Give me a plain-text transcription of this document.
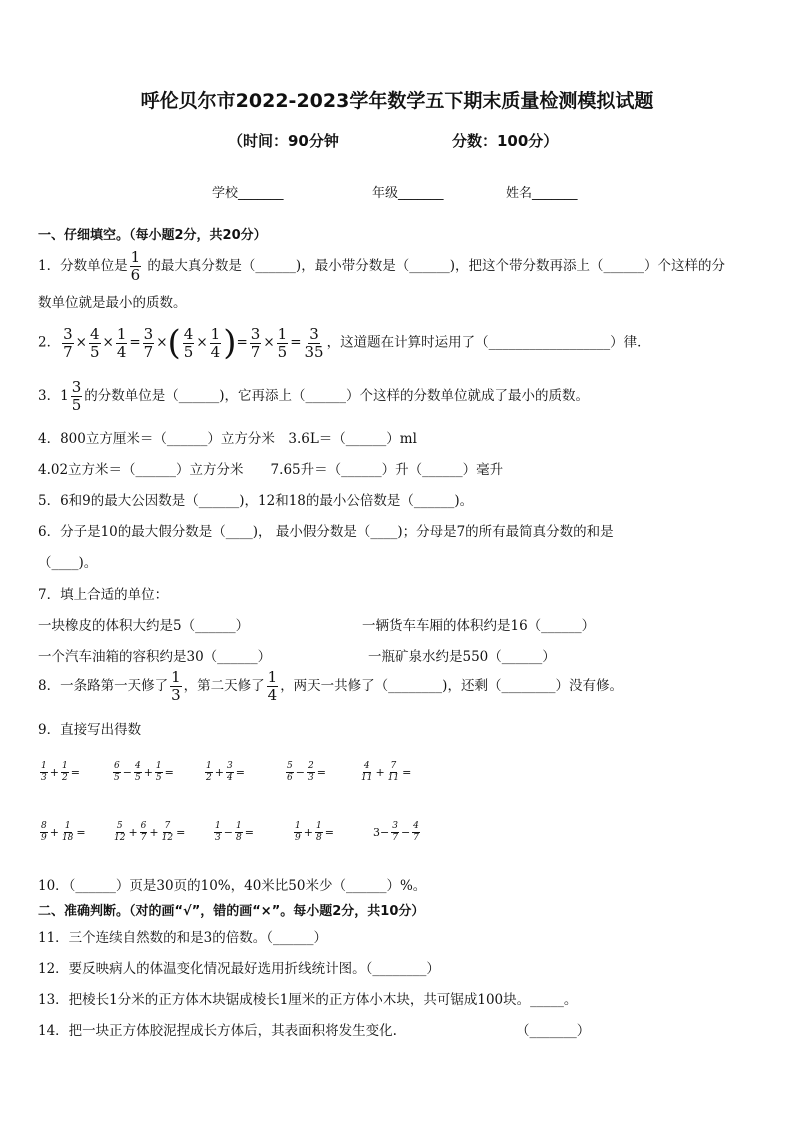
呼伦贝尔市2022-2023学年数学五下期末质量检测模拟试题
（时间：90分钟	分数：100分）
学校_______	年级_______	姓名_______
一、仔细填空。（每小题2分，共20分）
1．分数单位是 $\frac{1}{6}$ 的最大真分数是（______)，最小带分数是（______)，把这个带分数再添上（______）个这样的分
数单位就是最小的质数。
2． $\frac{3}{7} \times \frac{4}{5} \times \frac{1}{4} = \frac{3}{7}$ ×( $\frac{4}{5} \times \frac{1}{4}$ )= $\frac{3}{7} \times \frac{1}{5} = \frac{3}{35}$ ，这道题在计算时运用了（__________________）律．
3．$1 \frac{3}{5}$ 的分数单位是（______)，它再添上（______）个这样的分数单位就成了最小的质数。
4．800立方厘米＝（______）立方分米　3.6L＝（______）ml
4.02立方米＝（______）立方分米　　7.65升＝（______）升（______）毫升
5．6和9的最大公因数是（______)，12和18的最小公倍数是（______)。
6．分子是10的最大假分数是（____)， 最小假分数是（____)；分母是7的所有最简真分数的和是
（____)。
7．填上合适的单位：
一块橡皮的体积大约是5（______）	一辆货车车厢的体积约是16（______）
一个汽车油箱的容积约是30（______）	一瓶矿泉水约是550（______）
8．一条路第一天修了 $\frac{1}{3}$ ，第二天修了 $\frac{1}{4}$ ，两天一共修了（________)，还剩（________）没有修。
9．直接写出得数
$\frac{1}{3} + \frac{1}{2}$ =	$\frac{6}{5} - \frac{4}{5} + \frac{1}{5}$ =	$\frac{1}{2} + \frac{3}{4}$ =	$\frac{5}{6} - \frac{2}{3}$ =	$\frac{4}{11} + \frac{7}{11}$ =
$\frac{8}{9} + \frac{1}{18}$ =	$\frac{5}{12} + \frac{6}{7} + \frac{7}{12}$ =	$\frac{1}{3} - \frac{1}{8}$ =	$\frac{1}{9} + \frac{1}{8}$ =	$3- \frac{3}{7} - \frac{4}{7}$
10．（______）页是30页的10%，40米比50米少（______）%。
二、准确判断。（对的画“√”，错的画“×”。每小题2分，共10分）
11．三个连续自然数的和是3的倍数。（______）
12．要反映病人的体温变化情况最好选用折线统计图。（________）
13．把棱长1分米的正方体木块锯成棱长1厘米的正方体小木块，共可锯成100块。_____。
14．把一块正方体胶泥捏成长方体后，其表面积将发生变化.	（_______）
